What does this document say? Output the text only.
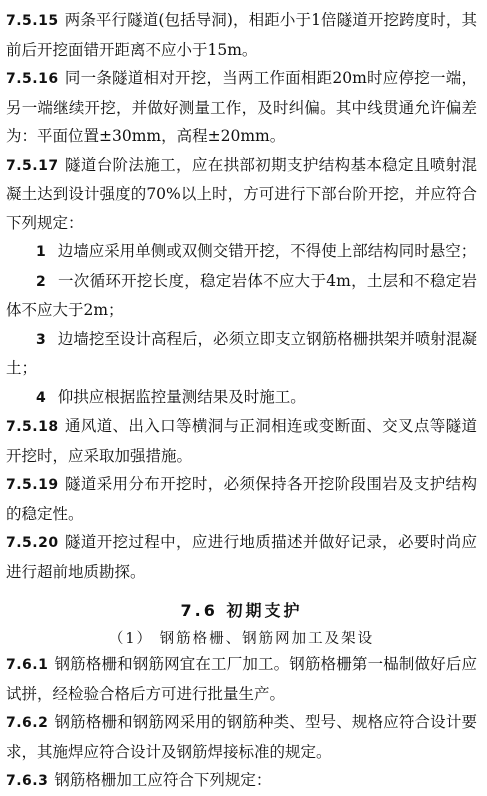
7.5.15 两条平行隧道(包括导洞)，相距小于1倍隧道开挖跨度时，其前后开挖面错开距离不应小于15m。

7.5.16 同一条隧道相对开挖，当两工作面相距20m时应停挖一端，另一端继续开挖，并做好测量工作，及时纠偏。其中线贯通允许偏差为：平面位置±30mm，高程±20mm。

7.5.17 隧道台阶法施工，应在拱部初期支护结构基本稳定且喷射混凝土达到设计强度的70%以上时，方可进行下部台阶开挖，并应符合下列规定：

1 边墙应采用单侧或双侧交错开挖，不得使上部结构同时悬空；

2 一次循环开挖长度，稳定岩体不应大于4m，土层和不稳定岩体不应大于2m；

3 边墙挖至设计高程后，必须立即支立钢筋格栅拱架并喷射混凝土；

4 仰拱应根据监控量测结果及时施工。

7.5.18 通风道、出入口等横洞与正洞相连或变断面、交叉点等隧道开挖时，应采取加强措施。

7.5.19 隧道采用分布开挖时，必须保持各开挖阶段围岩及支护结构的稳定性。

7.5.20 隧道开挖过程中，应进行地质描述并做好记录，必要时尚应进行超前地质勘探。

7.6 初期支护
（1） 钢筋格栅、钢筋网加工及架设

7.6.1 钢筋格栅和钢筋网宜在工厂加工。钢筋格栅第一榀制做好后应试拼，经检验合格后方可进行批量生产。

7.6.2 钢筋格栅和钢筋网采用的钢筋种类、型号、规格应符合设计要求，其施焊应符合设计及钢筋焊接标准的规定。

7.6.3 钢筋格栅加工应符合下列规定：
